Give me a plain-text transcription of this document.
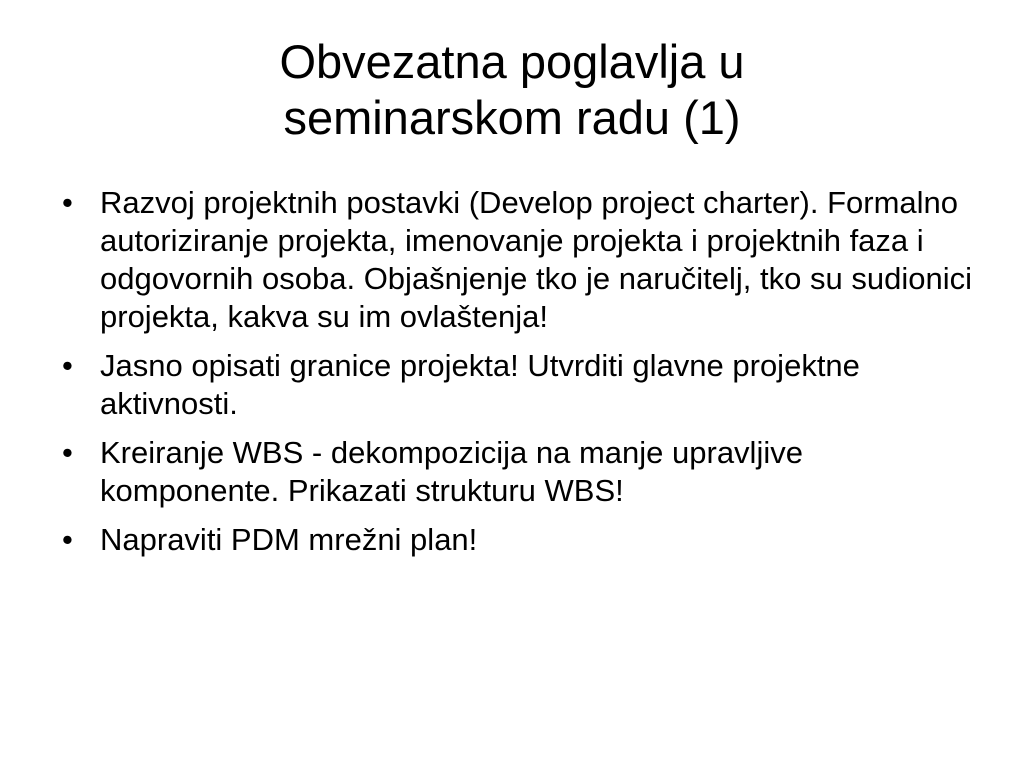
Obvezatna poglavlja u
seminarskom radu (1)
• Razvoj projektnih postavki (Develop project charter). Formalno autoriziranje projekta, imenovanje projekta i projektnih faza i odgovornih osoba. Objašnjenje tko je naručitelj, tko su sudionici projekta, kakva su im ovlaštenja!
• Jasno opisati granice projekta! Utvrditi glavne projektne aktivnosti.
• Kreiranje WBS - dekompozicija na manje upravljive komponente. Prikazati strukturu WBS!
• Napraviti PDM mrežni plan!
